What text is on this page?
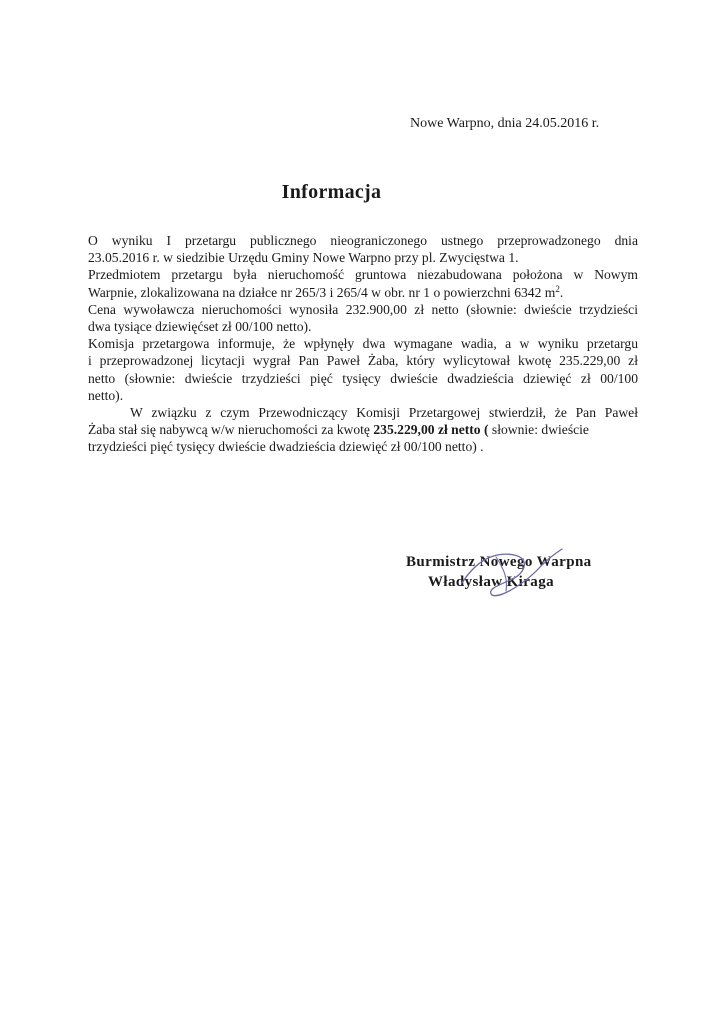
Nowe Warpno, dnia 24.05.2016 r.
Informacja
O wyniku I przetargu publicznego nieograniczonego ustnego przeprowadzonego dnia
23.05.2016 r. w siedzibie Urzędu Gminy Nowe Warpno przy pl. Zwycięstwa 1.
Przedmiotem przetargu była nieruchomość gruntowa niezabudowana położona w Nowym
Warpnie, zlokalizowana na działce nr 265/3 i 265/4 w obr. nr 1 o powierzchni 6342 $m^2$.
Cena wywoławcza nieruchomości wynosiła 232.900,00 zł netto (słownie: dwieście trzydzieści
dwa tysiące dziewięćset zł 00/100 netto).
Komisja przetargowa informuje, że wpłynęły dwa wymagane wadia, a w wyniku przetargu
i przeprowadzonej licytacji wygrał Pan Paweł Żaba, który wylicytował kwotę 235.229,00 zł
netto (słownie: dwieście trzydzieści pięć tysięcy dwieście dwadzieścia dziewięć zł 00/100
netto).
W związku z czym Przewodniczący Komisji Przetargowej stwierdził, że Pan Paweł
Żaba stał się nabywcą w/w nieruchomości za kwotę 235.229,00 zł netto ( słownie: dwieście
trzydzieści pięć tysięcy dwieście dwadzieścia dziewięć zł 00/100 netto) .
Burmistrz Nowego Warpna
Władysław Kiraga
